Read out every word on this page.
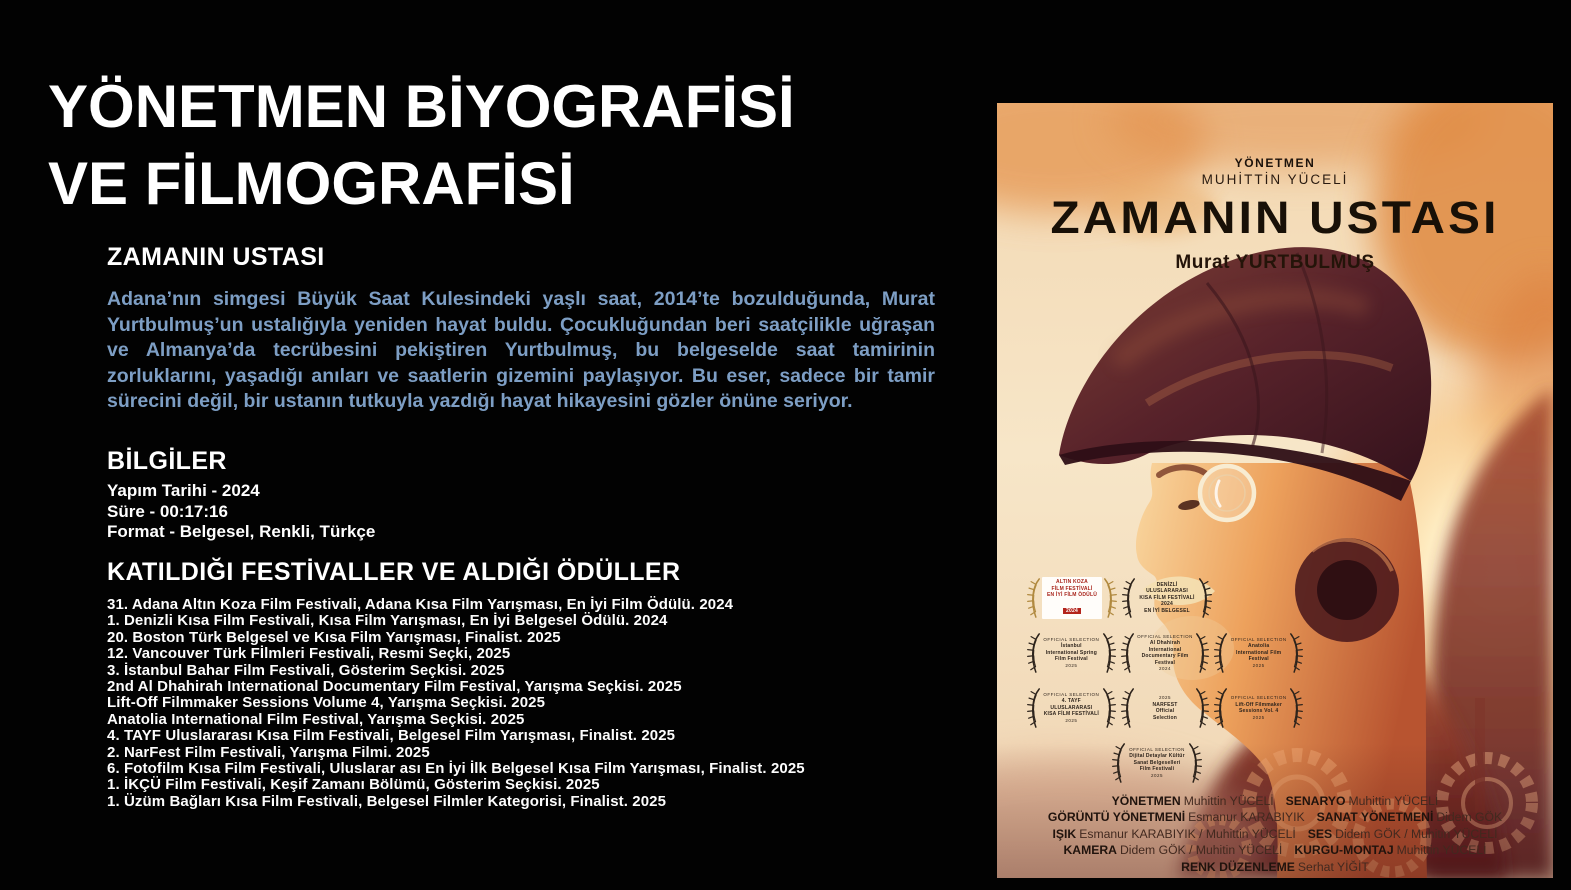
YÖNETMEN BİYOGRAFİSİ
VE FİLMOGRAFİSİ
ZAMANIN USTASI

Adana’nın simgesi Büyük Saat Kulesindeki yaşlı saat, 2014’te bozulduğunda, Murat Yurtbulmuş’un ustalığıyla yeniden hayat buldu. Çocukluğundan beri saatçilikle uğraşan ve Almanya’da tecrübesini pekiştiren Yurtbulmuş, bu belgeselde saat tamirinin zorluklarını, yaşadığı anıları ve saatlerin gizemini paylaşıyor. Bu eser, sadece bir tamir sürecini değil, bir ustanın tutkuyla yazdığı hayat hikayesini gözler önüne seriyor.

BİLGİLER
Yapım Tarihi - 2024
Süre - 00:17:16
Format - Belgesel, Renkli, Türkçe
KATILDIĞI FESTİVALLER VE ALDIĞI ÖDÜLLER
31. Adana Altın Koza Film Festivali, Adana Kısa Film Yarışması, En İyi Film Ödülü. 2024
1. Denizli Kısa Film Festivali, Kısa Film Yarışması, En İyi Belgesel Ödülü. 2024
20. Boston Türk Belgesel ve Kısa Film Yarışması, Finalist. 2025
12. Vancouver Türk Fİlmleri Festivali, Resmi Seçki, 2025
3. İstanbul Bahar Film Festivali, Gösterim Seçkisi. 2025
2nd Al Dhahirah International Documentary Film Festival, Yarışma Seçkisi. 2025
Lift-Off Filmmaker Sessions Volume 4, Yarışma Seçkisi. 2025
Anatolia International Film Festival, Yarışma Seçkisi. 2025
4. TAYF Uluslararası Kısa Film Festivali, Belgesel Film Yarışması, Finalist. 2025
2. NarFest Film Festivali, Yarışma Filmi. 2025
6. Fotofilm Kısa Film Festivali, Uluslarar ası En İyi İlk Belgesel Kısa Film Yarışması, Finalist. 2025
1. İKÇÜ Film Festivali, Keşif Zamanı Bölümü, Gösterim Seçkisi. 2025
1. Üzüm Bağları Kısa Film Festivali, Belgesel Filmler Kategorisi, Finalist. 2025
YÖNETMEN
MUHİTTİN YÜCELİ
ZAMANIN USTASI
Murat YURTBULMUŞ
ALTIN KOZA
FİLM FESTİVALİ
EN İYİ FİLM ÖDÜLÜ
2024
DENİZLİ ULUSLARARASI
KISA FİLM FESTİVALİ
2024
EN İYİ BELGESEL
OFFICIAL SELECTION
İstanbul
International Spring
Film Festival
2025
OFFICIAL SELECTION
Al Dhahirah International
Documentary Film
Festival
2024
OFFICIAL SELECTION
Anatolia
International Film
Festival
2025
OFFICIAL SELECTION
4. TAYF ULUSLARARASI
KISA FİLM FESTİVALİ
2025
2025
NARFEST
Official
Selection
OFFICIAL SELECTION
Lift-Off Filmmaker
Sessions Vol. 4
2025
OFFICIAL SELECTION
Dijital Detaylar Kültür
Sanat Belgeselleri
Film Festivali
2025
YÖNETMEN Muhittin YÜCELİ SENARYO Muhittin YÜCELİ
GÖRÜNTÜ YÖNETMENİ Esmanur KARABIYIK SANAT YÖNETMENİ Didem GÖK
IŞIK Esmanur KARABIYIK / Muhittin YÜCELİ SES Didem GÖK / Muhitin YÜCELİ
KAMERA Didem GÖK / Muhitin YÜCELİ KURGU-MONTAJ Muhittin YÜCELİ
RENK DÜZENLEME Serhat YİĞİT
